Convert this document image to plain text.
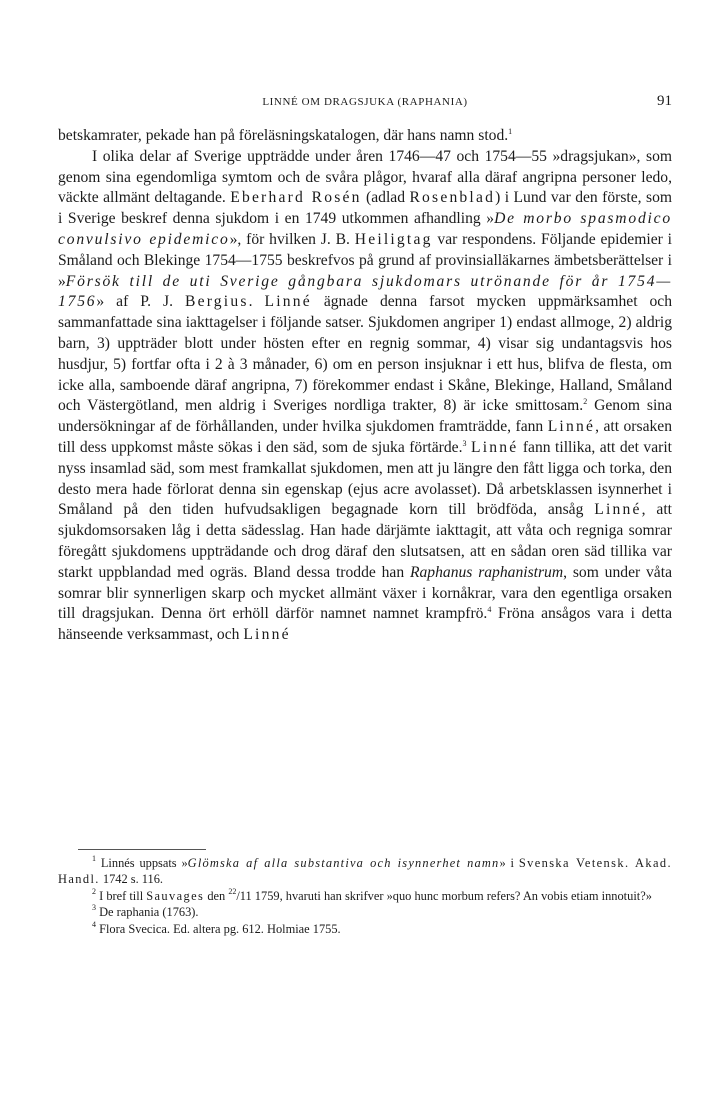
LINNÉ OM DRAGSJUKA (RAPHANIA)	91

betskamrater, pekade han på föreläsningskatalogen, där hans namn stod.$^1$

I olika delar af Sverige uppträdde under åren 1746—47 och 1754—55 »dragsjukan», som genom sina egendomliga symtom och de svåra plågor, hvaraf alla däraf angripna personer ledo, väckte allmänt deltagande. Eberhard Rosén (adlad Rosenblad) i Lund var den förste, som i Sverige beskref denna sjukdom i en 1749 utkommen afhandling »De morbo spasmodico convulsivo epidemico», för hvilken J. B. Heiligtag var respondens. Följande epidemier i Småland och Blekinge 1754—1755 beskrefvos på grund af provinsialläkarnes ämbetsberättelser i »Försök till de uti Sverige gångbara sjukdomars utrönande för år 1754—1756» af P. J. Bergius. Linné ägnade denna farsot mycken uppmärksamhet och sammanfattade sina iakttagelser i följande satser. Sjukdomen angriper 1) endast allmoge, 2) aldrig barn, 3) uppträder blott under hösten efter en regnig sommar, 4) visar sig undantagsvis hos husdjur, 5) fortfar ofta i 2 à 3 månader, 6) om en person insjuknar i ett hus, blifva de flesta, om icke alla, samboende däraf angripna, 7) förekommer endast i Skåne, Blekinge, Halland, Småland och Västergötland, men aldrig i Sveriges nordliga trakter, 8) är icke smittosam.$^2$ Genom sina undersökningar af de förhållanden, under hvilka sjukdomen framträdde, fann Linné, att orsaken till dess uppkomst måste sökas i den säd, som de sjuka förtärde.$^3$ Linné fann tillika, att det varit nyss insamlad säd, som mest framkallat sjukdomen, men att ju längre den fått ligga och torka, den desto mera hade förlorat denna sin egenskap (ejus acre avolasset). Då arbetsklassen isynnerhet i Småland på den tiden hufvudsakligen begagnade korn till brödföda, ansåg Linné, att sjukdomsorsaken låg i detta sädesslag. Han hade därjämte iakttagit, att våta och regniga somrar föregått sjukdomens uppträdande och drog däraf den slutsatsen, att en sådan oren säd tillika var starkt uppblandad med ogräs. Bland dessa trodde han Raphanus raphanistrum, som under våta somrar blir synnerligen skarp och mycket allmänt växer i kornåkrar, vara den egentliga orsaken till dragsjukan. Denna ört erhöll därför namnet namnet krampfrö.$^4$ Fröna ansågos vara i detta hänseende verksammast, och Linné

$^1$ Linnés uppsats »Glömska af alla substantiva och isynnerhet namn» i Svenska Vetensk. Akad. Handl. 1742 s. 116.

$^2$ I bref till Sauvages den $^{22}$/11 1759, hvaruti han skrifver »quo hunc morbum refers? An vobis etiam innotuit?»

$^3$ De raphania (1763).

$^4$ Flora Svecica. Ed. altera pg. 612. Holmiae 1755.
